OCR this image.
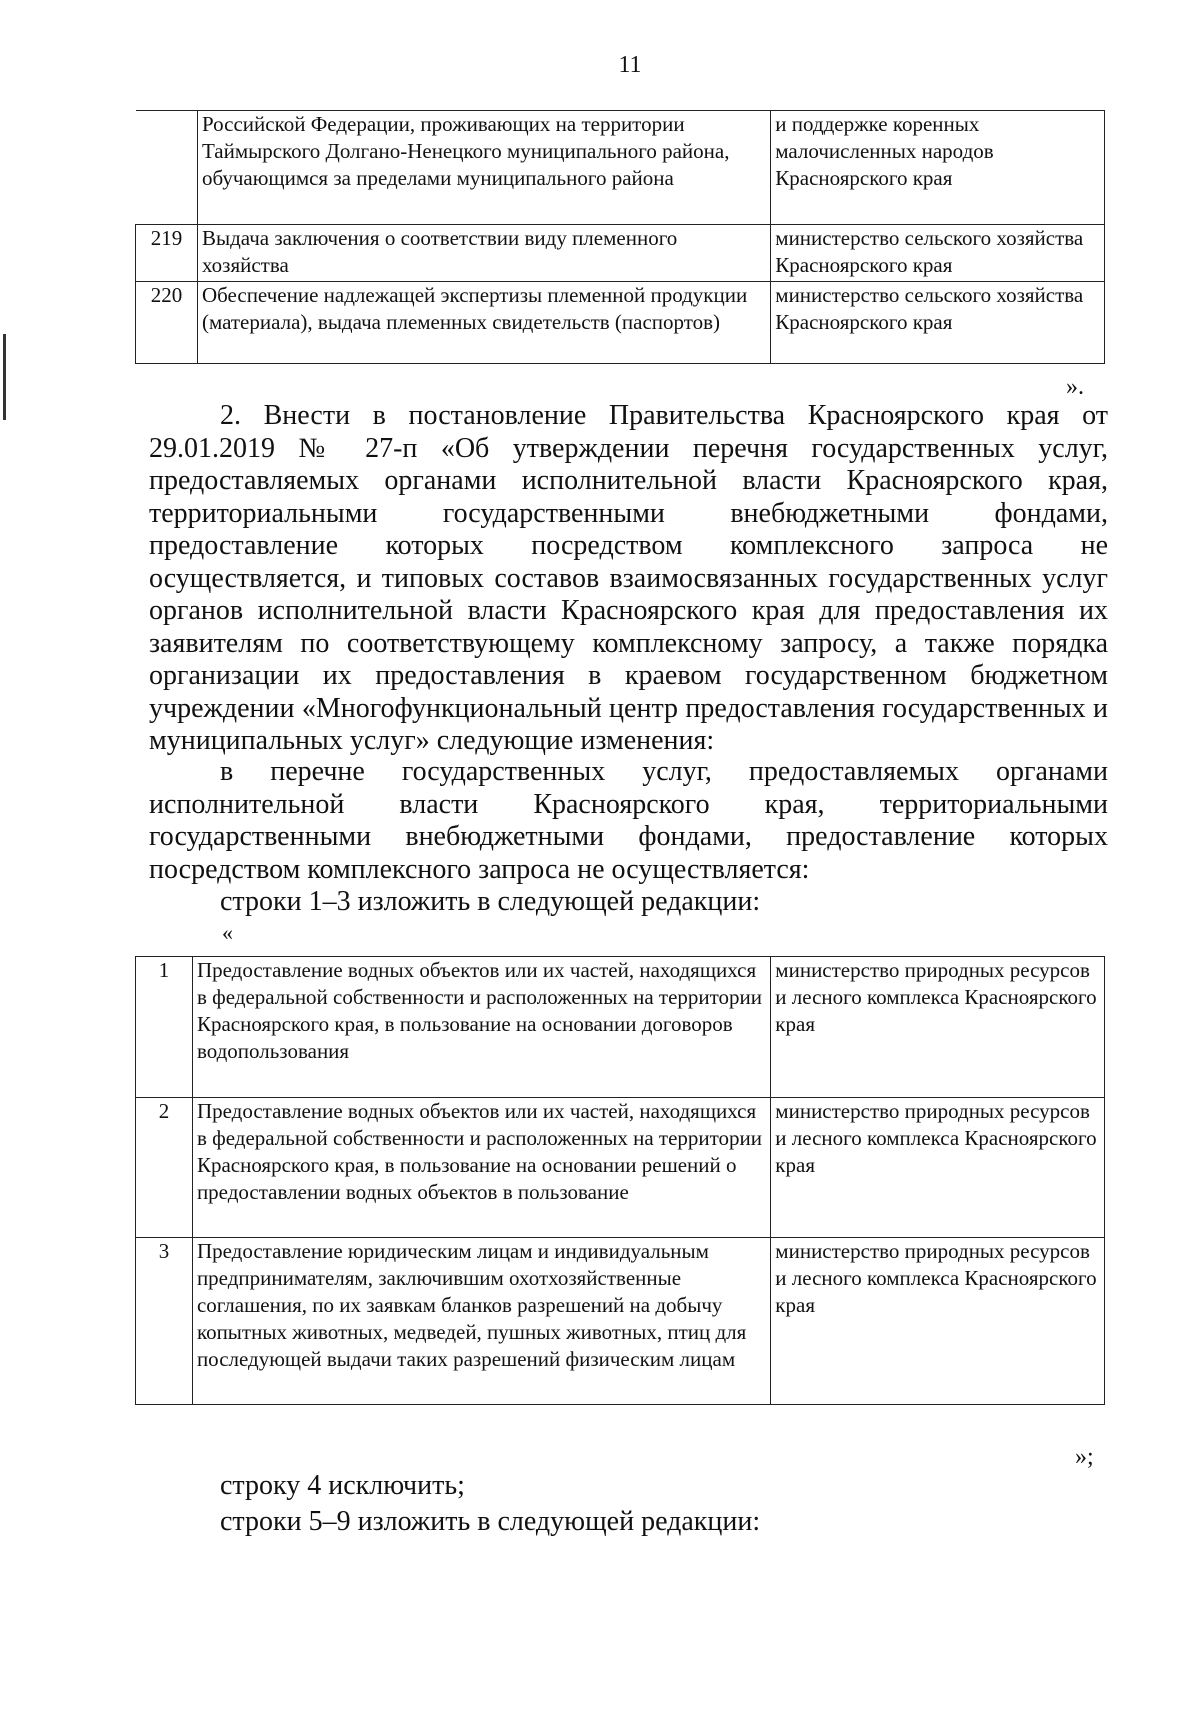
11
	Российской Федерации, проживающих на территории Таймырского Долгано-Ненецкого муниципального района, обучающимся за пределами муниципального района	и поддержке коренных малочисленных народов Красноярского края
219	Выдача заключения о соответствии виду племенного хозяйства	министерство сельского хозяйства Красноярского края
220	Обеспечение надлежащей экспертизы племенной продукции (материала), выдача племенных свидетельств (паспортов)	министерство сельского хозяйства Красноярского края
».
2. Внести в постановление Правительства Красноярского края от 29.01.2019 № 27-п «Об утверждении перечня государственных услуг, предоставляемых органами исполнительной власти Красноярского края, территориальными государственными внебюджетными фондами, предоставление которых посредством комплексного запроса не осуществляется, и типовых составов взаимосвязанных государственных услуг органов исполнительной власти Красноярского края для предоставления их заявителям по соответствующему комплексному запросу, а также порядка организации их предоставления в краевом государственном бюджетном учреждении «Многофункциональный центр предоставления государственных и муниципальных услуг» следующие изменения:
в перечне государственных услуг, предоставляемых органами исполнительной власти Красноярского края, территориальными государственными внебюджетными фондами, предоставление которых посредством комплексного запроса не осуществляется:
строки 1–3 изложить в следующей редакции:
«
1	Предоставление водных объектов или их частей, находящихся в федеральной собственности и расположенных на территории Красноярского края, в пользование на основании договоров водопользования	министерство природных ресурсов и лесного комплекса Красноярского края
2	Предоставление водных объектов или их частей, находящихся в федеральной собственности и расположенных на территории Красноярского края, в пользование на основании решений о предоставлении водных объектов в пользование	министерство природных ресурсов и лесного комплекса Красноярского края
3	Предоставление юридическим лицам и индивидуальным предпринимателям, заключившим охотхозяйственные соглашения, по их заявкам бланков разрешений на добычу копытных животных, медведей, пушных животных, птиц для последующей выдачи таких разрешений физическим лицам	министерство природных ресурсов и лесного комплекса Красноярского края
»;
строку 4 исключить;
строки 5–9 изложить в следующей редакции:
